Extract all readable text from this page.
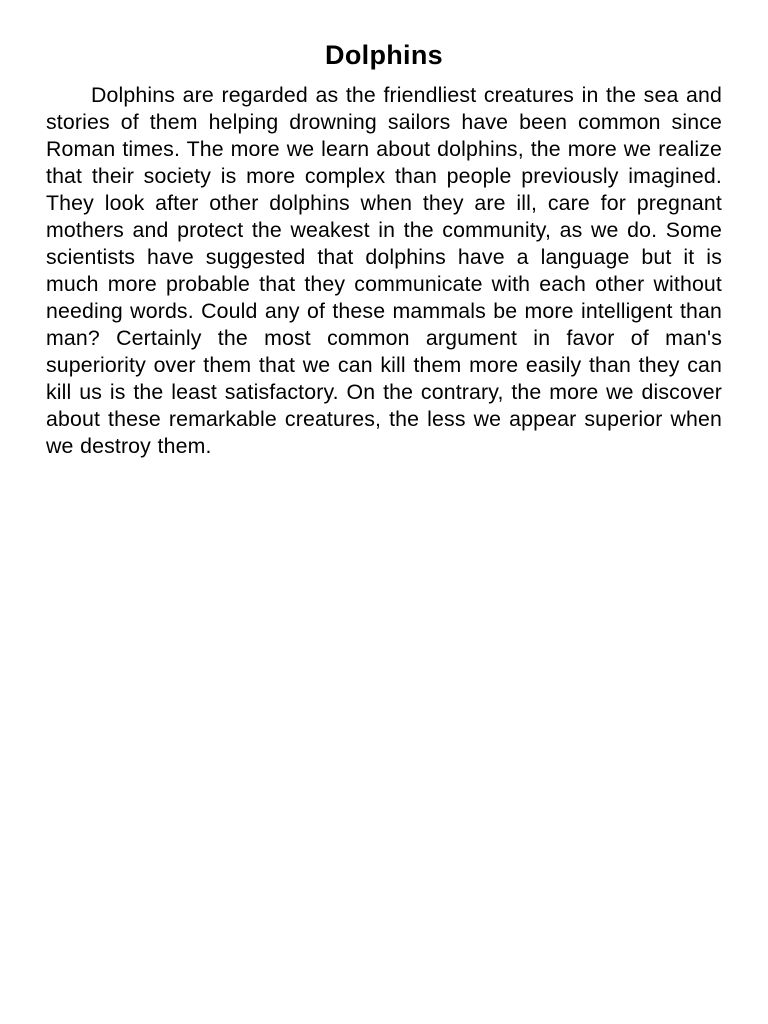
Dolphins

Dolphins are regarded as the friendliest creatures in the sea and stories of them helping drowning sailors have been common since Roman times. The more we learn about dolphins, the more we realize that their society is more complex than people previously imagined. They look after other dolphins when they are ill, care for pregnant mothers and protect the weakest in the community, as we do. Some scientists have suggested that dolphins have a language but it is much more probable that they communicate with each other without needing words. Could any of these mammals be more intelligent than man? Certainly the most common argument in favor of man's superiority over them that we can kill them more easily than they can kill us is the least satisfactory. On the contrary, the more we discover about these remarkable creatures, the less we appear superior when we destroy them.
